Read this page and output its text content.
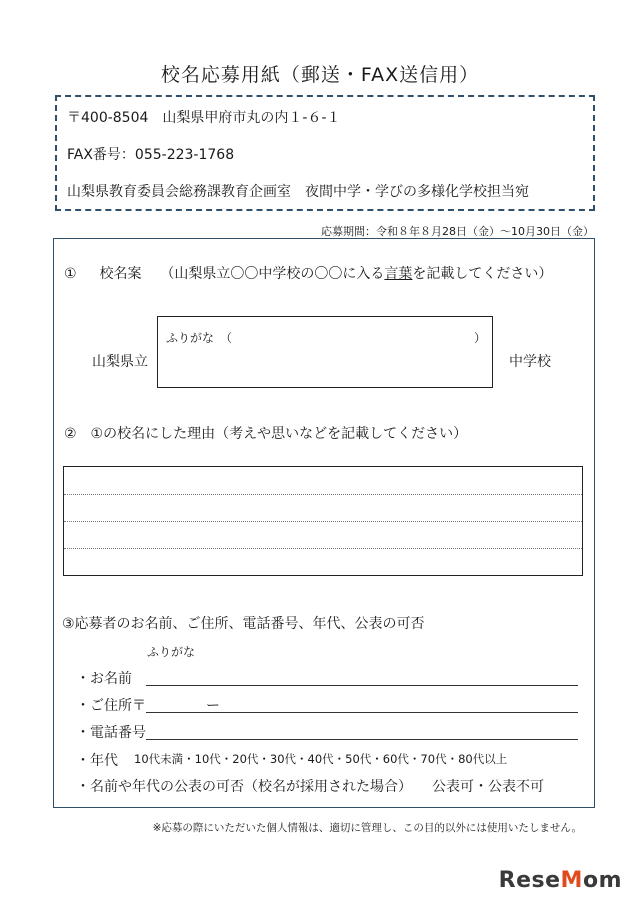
校名応募用紙（郵送・FAX送信用）
〒400-8504　山梨県甲府市丸の内１-６-１
FAX番号：055-223-1768
山梨県教育委員会総務課教育企画室　夜間中学・学びの多様化学校担当宛
応募期間：令和８年８月28日（金）～10月30日（金）
① 校名案 （山梨県立〇〇中学校の〇〇に入る言葉を記載してください）
山梨県立
ふりがな　（	）
中学校
②　①の校名にした理由（考えや思いなどを記載してください）
③応募者のお名前、ご住所、電話番号、年代、公表の可否
ふりがな
・お名前
・ご住所〒	ー
・電話番号
・年代 10代未満・10代・20代・30代・40代・50代・60代・70代・80代以上
・名前や年代の公表の可否（校名が採用された場合） 公表可・公表不可
※応募の際にいただいた個人情報は、適切に管理し、この目的以外には使用いたしません。
ReseMom
